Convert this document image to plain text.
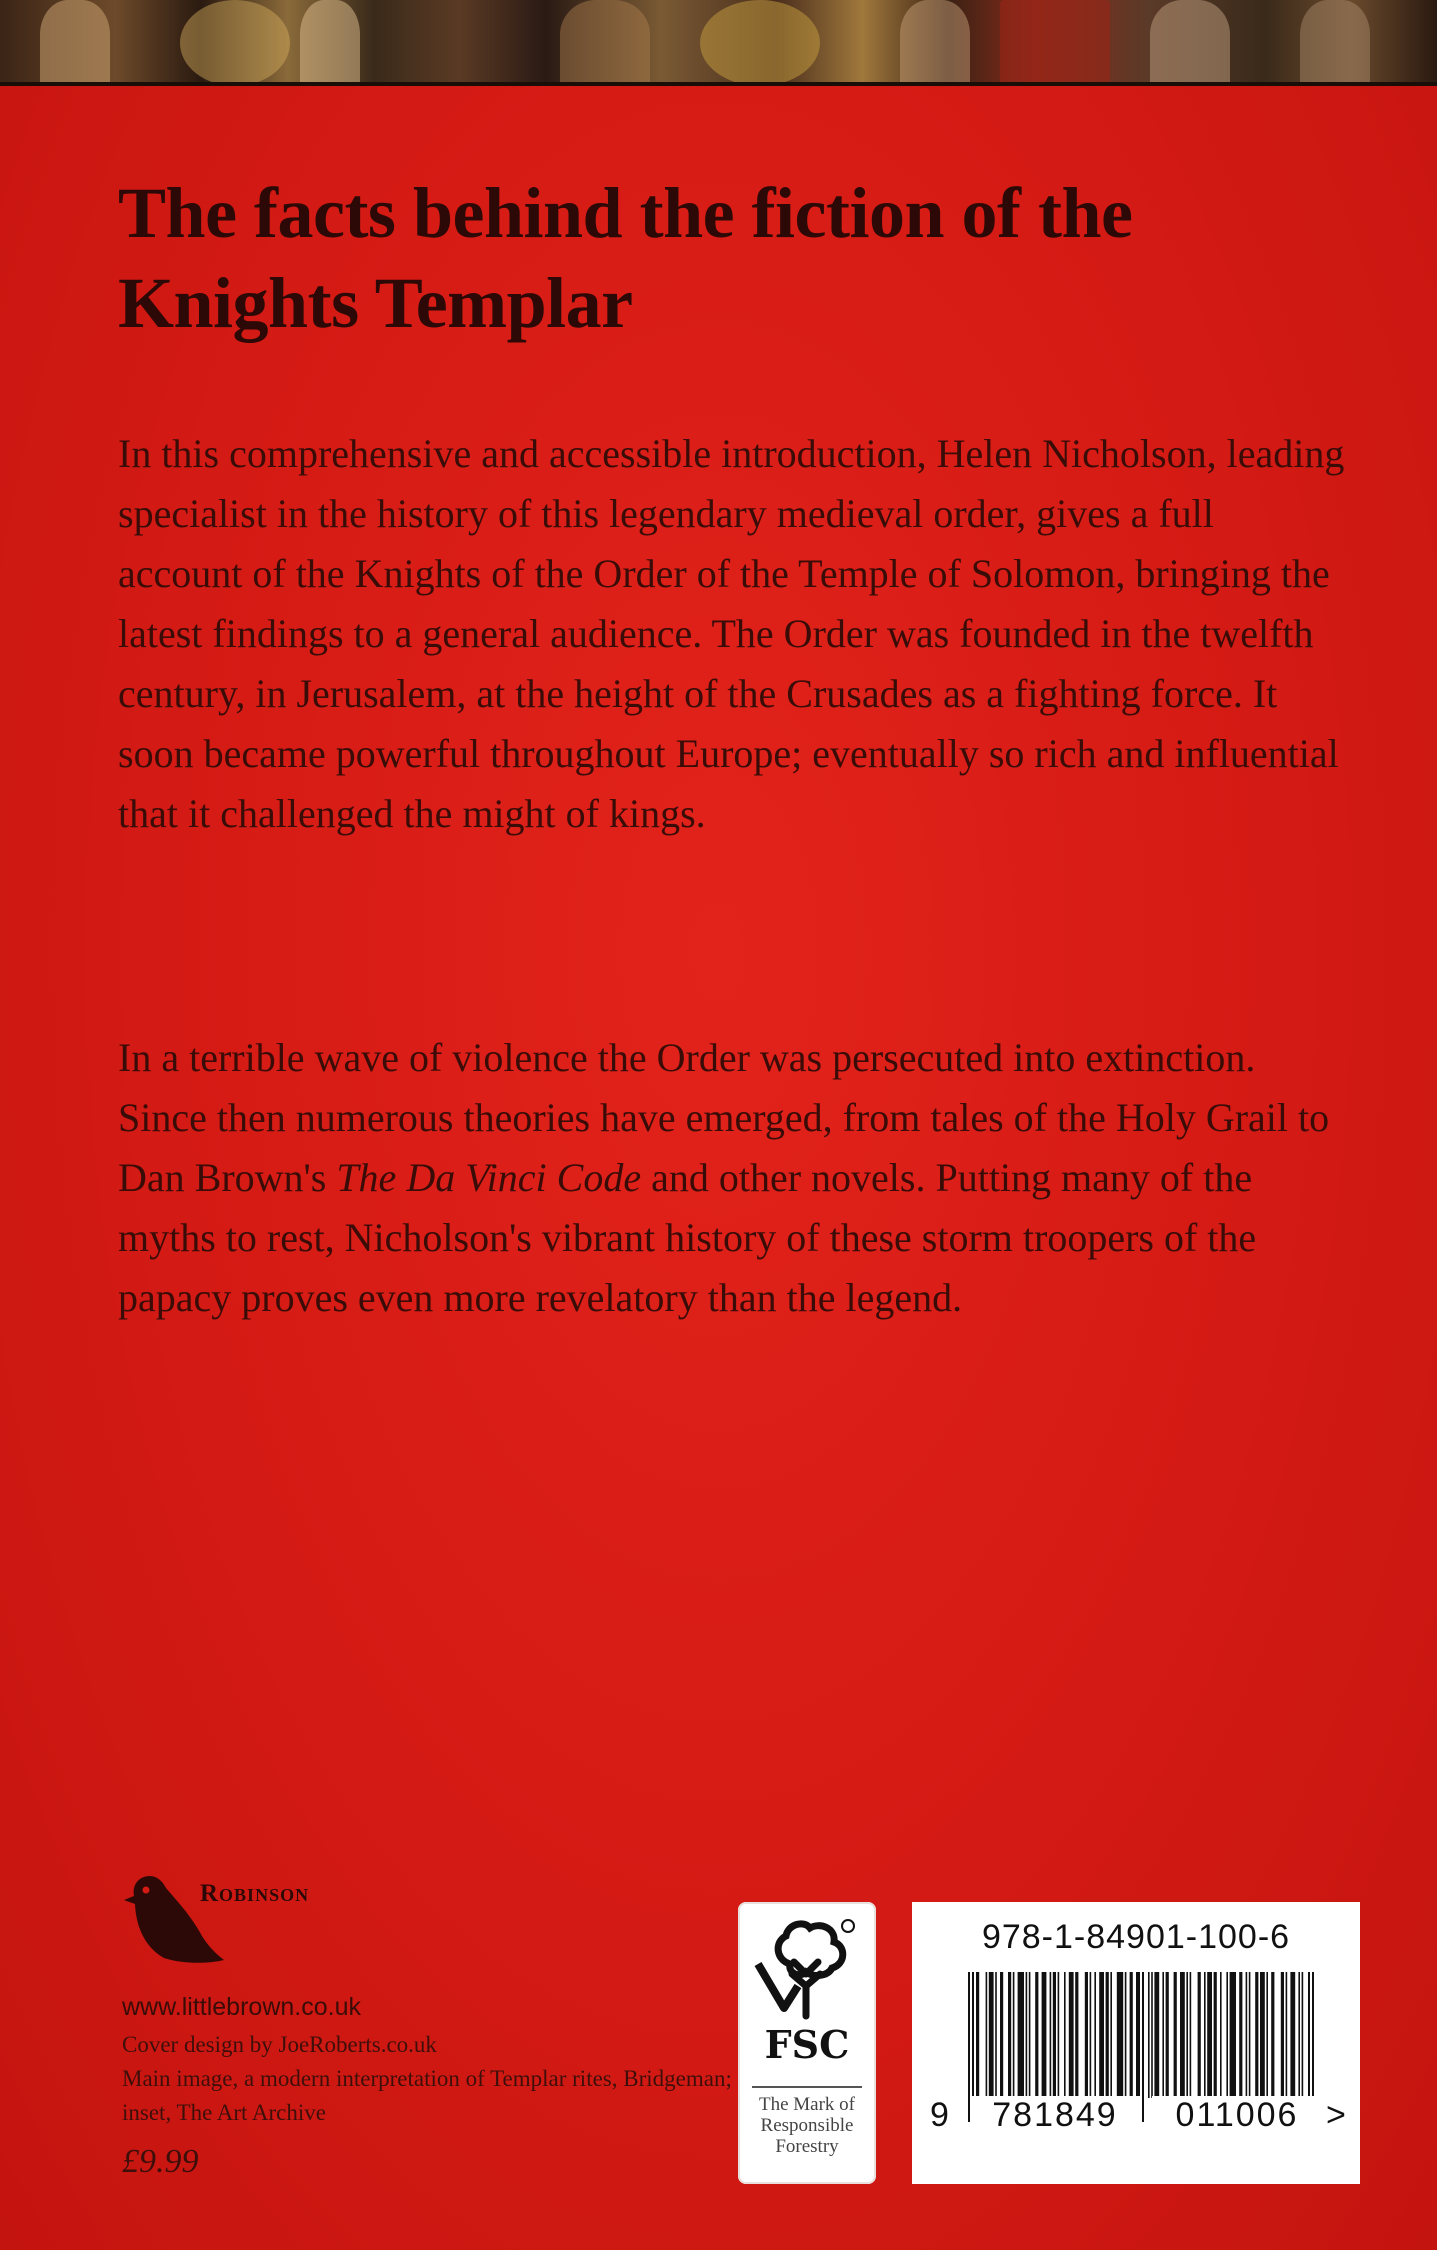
The facts behind the fiction of the Knights Templar

In this comprehensive and accessible introduction, Helen Nicholson, leading specialist in the history of this legendary medieval order, gives a full account of the Knights of the Order of the Temple of Solomon, bringing the latest findings to a general audience. The Order was founded in the twelfth century, in Jerusalem, at the height of the Crusades as a fighting force. It soon became powerful throughout Europe; eventually so rich and influential that it challenged the might of kings.

In a terrible wave of violence the Order was persecuted into extinction. Since then numerous theories have emerged, from tales of the Holy Grail to Dan Brown's The Da Vinci Code and other novels. Putting many of the myths to rest, Nicholson's vibrant history of these storm troopers of the papacy proves even more revelatory than the legend.

Robinson

www.littlebrown.co.uk

Cover design by JoeRoberts.co.uk

Main image, a modern interpretation of Templar rites, Bridgeman; inset, The Art Archive

£9.99

FSC
The Mark of Responsible Forestry
978-1-84901-100-6
9	781849	011006 >
